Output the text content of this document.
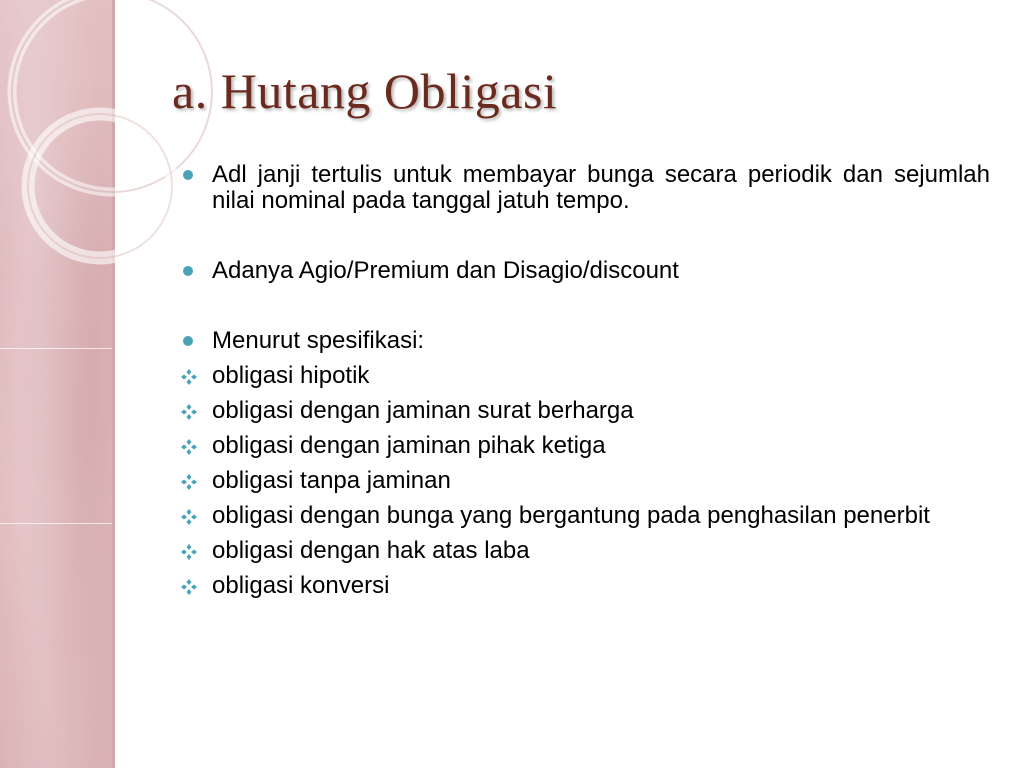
a. Hutang Obligasi
Adl janji tertulis untuk membayar bunga secara periodik dan sejumlah nilai nominal pada tanggal jatuh tempo.
Adanya Agio/Premium dan Disagio/discount
Menurut spesifikasi:
obligasi hipotik
obligasi dengan jaminan surat berharga
obligasi dengan jaminan pihak ketiga
obligasi tanpa jaminan
obligasi dengan bunga yang bergantung pada penghasilan penerbit
obligasi dengan hak atas laba
obligasi konversi
